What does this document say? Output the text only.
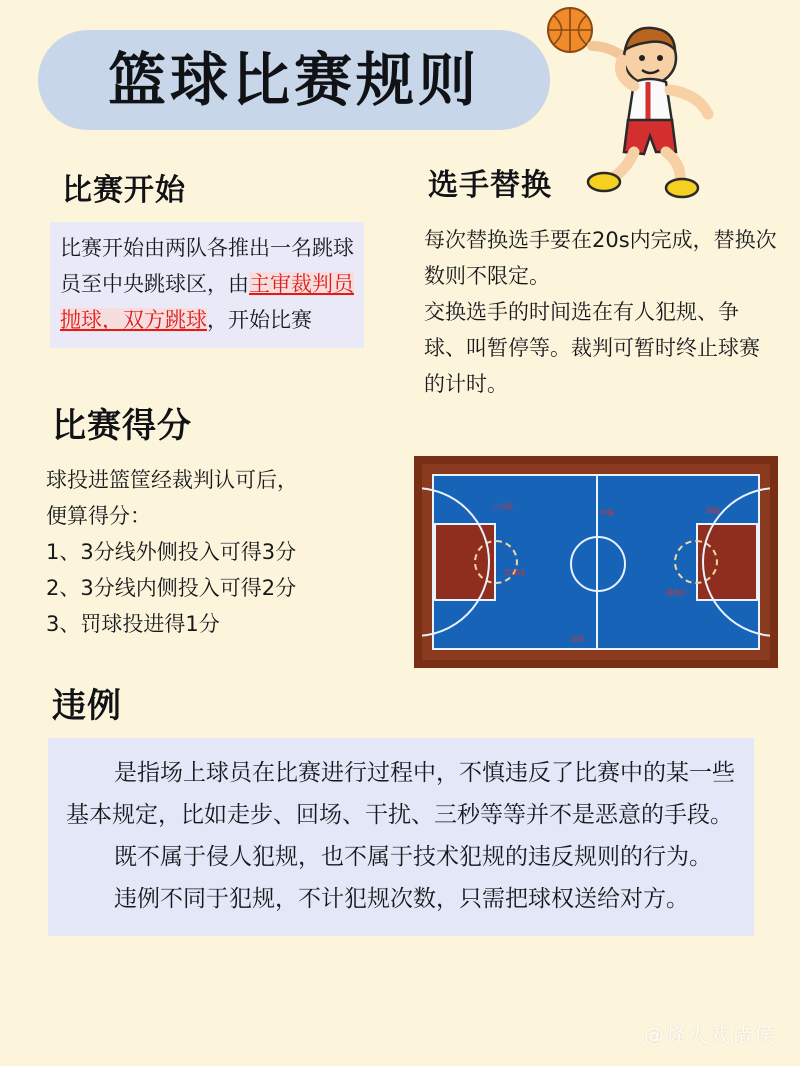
篮球比赛规则
比赛开始
比赛开始由两队各推出一名跳球员至中央跳球区，由主审裁判员抛球，双方跳球，开始比赛
选手替换
每次替换选手要在20s内完成，替换次数则不限定。
交换选手的时间选在有人犯规、争球、叫暂停等。裁判可暂时终止球赛的计时。
比赛得分
球投进篮筐经裁判认可后，
便算得分：
1、3分线外侧投入可得3分
2、3分线内侧投入可得2分
3、罚球投进得1分
三分线
中圈
罚球线
限制区
端线
边线
违例

是指场上球员在比赛进行过程中，不慎违反了比赛中的某一些基本规定，比如走步、回场、干扰、三秒等等并不是恶意的手段。

既不属于侵人犯规，也不属于技术犯规的违反规则的行为。

违例不同于犯规，不计犯规次数，只需把球权送给对方。

@烽火戏诸侯
